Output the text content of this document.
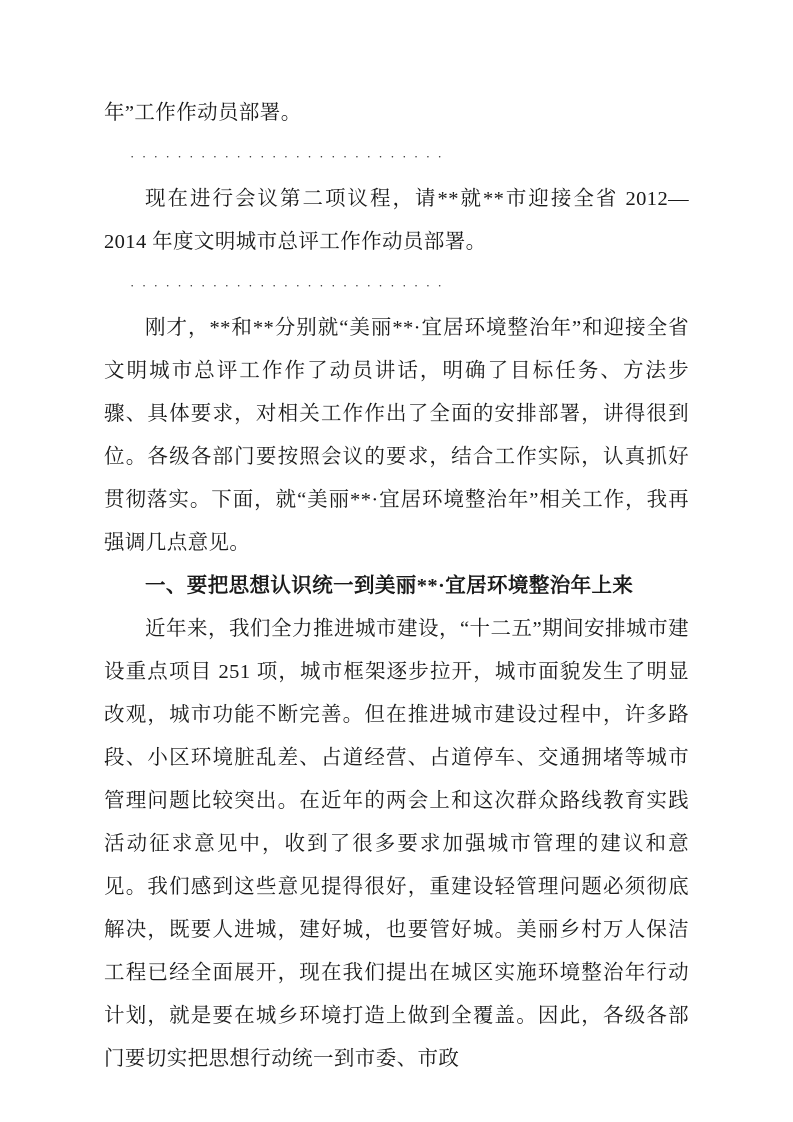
年”工作作动员部署。

···························

现在进行会议第二项议程，请**就**市迎接全省 2012—2014 年度文明城市总评工作作动员部署。

···························

刚才，**和**分别就“美丽**·宜居环境整治年”和迎接全省文明城市总评工作作了动员讲话，明确了目标任务、方法步骤、具体要求，对相关工作作出了全面的安排部署，讲得很到位。各级各部门要按照会议的要求，结合工作实际，认真抓好贯彻落实。下面，就“美丽**·宜居环境整治年”相关工作，我再强调几点意见。

一、要把思想认识统一到美丽**·宜居环境整治年上来

近年来，我们全力推进城市建设，“十二五”期间安排城市建设重点项目 251 项，城市框架逐步拉开，城市面貌发生了明显改观，城市功能不断完善。但在推进城市建设过程中，许多路段、小区环境脏乱差、占道经营、占道停车、交通拥堵等城市管理问题比较突出。在近年的两会上和这次群众路线教育实践活动征求意见中，收到了很多要求加强城市管理的建议和意见。我们感到这些意见提得很好，重建设轻管理问题必须彻底解决，既要人进城，建好城，也要管好城。美丽乡村万人保洁工程已经全面展开，现在我们提出在城区实施环境整治年行动计划，就是要在城乡环境打造上做到全覆盖。因此，各级各部门要切实把思想行动统一到市委、市政
